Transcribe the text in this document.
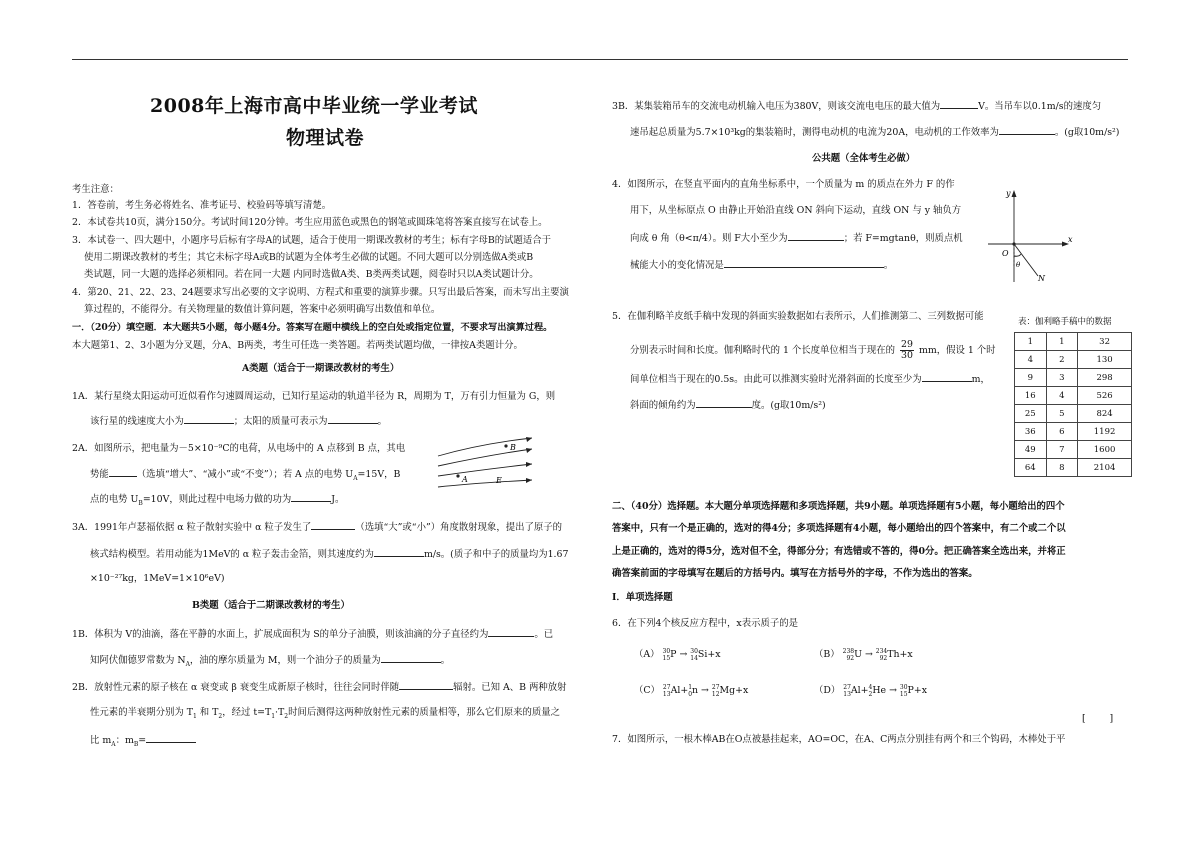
2008年上海市高中毕业统一学业考试
物理试卷
考生注意：
1．答卷前，考生务必将姓名、准考证号、校验码等填写清楚。
2．本试卷共10页，满分150分。考试时间120分钟。考生应用蓝色或黑色的钢笔或圆珠笔将答案直接写在试卷上。
3．本试卷一、四大题中，小题序号后标有字母A的试题，适合于使用一期课改教材的考生；标有字母B的试题适合于
使用二期课改教材的考生；其它未标字母A或B的试题为全体考生必做的试题。不同大题可以分别选做A类或B
类试题，同一大题的选择必须相同。若在同一大题 内同时选做A类、B类两类试题，阅卷时只以A类试题计分。
4．第20、21、22、23、24题要求写出必要的文字说明、方程式和重要的演算步骤。只写出最后答案，而未写出主要演
算过程的，不能得分。有关物理量的数值计算问题，答案中必须明确写出数值和单位。
一．（20分）填空题．本大题共5小题，每小题4分。答案写在题中横线上的空白处或指定位置，不要求写出演算过程。
本大题第1、2、3小题为分叉题，分A、B两类，考生可任选一类答题。若两类试题均做，一律按A类题计分。
A类题（适合于一期课改教材的考生）
1A．某行星绕太阳运动可近似看作匀速圆周运动，已知行星运动的轨道半径为 R，周期为 T，万有引力恒量为 G，则
该行星的线速度大小为	；太阳的质量可表示为	。
2A．如图所示，把电量为－5×10⁻⁹C的电荷，从电场中的 A 点移到 B 点，其电
势能	（选填“增大”、“减小”或“不变”）；若 A 点的电势 $U_A=15V$，B
点的电势 $U_B=10V$，则此过程中电场力做的功为	J。
B
A	E
3A．1991年卢瑟福依据 α 粒子散射实验中 α 粒子发生了	（选填“大”或“小”）角度散射现象，提出了原子的
核式结构模型。若用动能为1MeV的 α 粒子轰击金箔，则其速度约为	m/s。(质子和中子的质量均为1.67
×10⁻²⁷kg，1MeV=1×10⁶eV)
B类题（适合于二期课改教材的考生）
1B．体积为 V的油滴，落在平静的水面上，扩展成面积为 S的单分子油膜，则该油滴的分子直径约为	。已
知阿伏伽德罗常数为 $N_A$，油的摩尔质量为 M，则一个油分子的质量为	。
2B．放射性元素的原子核在 α 衰变或 β 衰变生成新原子核时，往往会同时伴随	辐射。已知 A、B 两种放射
性元素的半衰期分别为 $T_1$ 和 $T_2$，经过 $t=T_1\cdot T_2$时间后测得这两种放射性元素的质量相等，那么它们原来的质量之
比 $m_A$：$m_B=$
3B．某集装箱吊车的交流电动机输入电压为380V，则该交流电电压的最大值为	V。当吊车以0.1m/s的速度匀
速吊起总质量为5.7×10³kg的集装箱时，测得电动机的电流为20A，电动机的工作效率为	。(g取10m/s²)
公共题（全体考生必做）
4．如图所示，在竖直平面内的直角坐标系中，一个质量为 m 的质点在外力 F 的作
用下，从坐标原点 O 由静止开始沿直线 ON 斜向下运动，直线 ON 与 y 轴负方
向成 θ 角（θ<π/4）。则 F大小至少为	；若 F=mgtanθ，则质点机
械能大小的变化情况是	。
y
x
O
θ
N
5．在伽利略羊皮纸手稿中发现的斜面实验数据如右表所示，人们推测第二、三列数据可能
分别表示时间和长度。伽利略时代的 1 个长度单位相当于现在的 $\frac{29}{30}$ mm，假设 1 个时
间单位相当于现在的0.5s。由此可以推测实验时光滑斜面的长度至少为	m，
斜面的倾角约为	度。(g取10m/s²)
表：伽利略手稿中的数据
1	1	32
4	2	130
9	3	298
16	4	526
25	5	824
36	6	1192
49	7	1600
64	8	2104
二、（40分）选择题。本大题分单项选择题和多项选择题，共9小题。单项选择题有5小题，每小题给出的四个
答案中，只有一个是正确的，选对的得4分；多项选择题有4小题，每小题给出的四个答案中，有二个或二个以
上是正确的，选对的得5分，选对但不全，得部分分；有选错或不答的，得0分。把正确答案全选出来，并将正
确答案前面的字母填写在题后的方括号内。填写在方括号外的字母，不作为选出的答案。
Ⅰ．单项选择题
6．在下列4个核反应方程中，x表示质子的是
（A） 30
15P → 30
14Si+x	（B） 238
92U → 234
92Th+x
（C） 27
13Al+1
0n → 27
12Mg+x	（D） 27
13Al+4
2He → 30
15P+x
[        ]
7．如图所示，一根木棒AB在O点被悬挂起来，AO=OC，在A、C两点分别挂有两个和三个钩码，木棒处于平
